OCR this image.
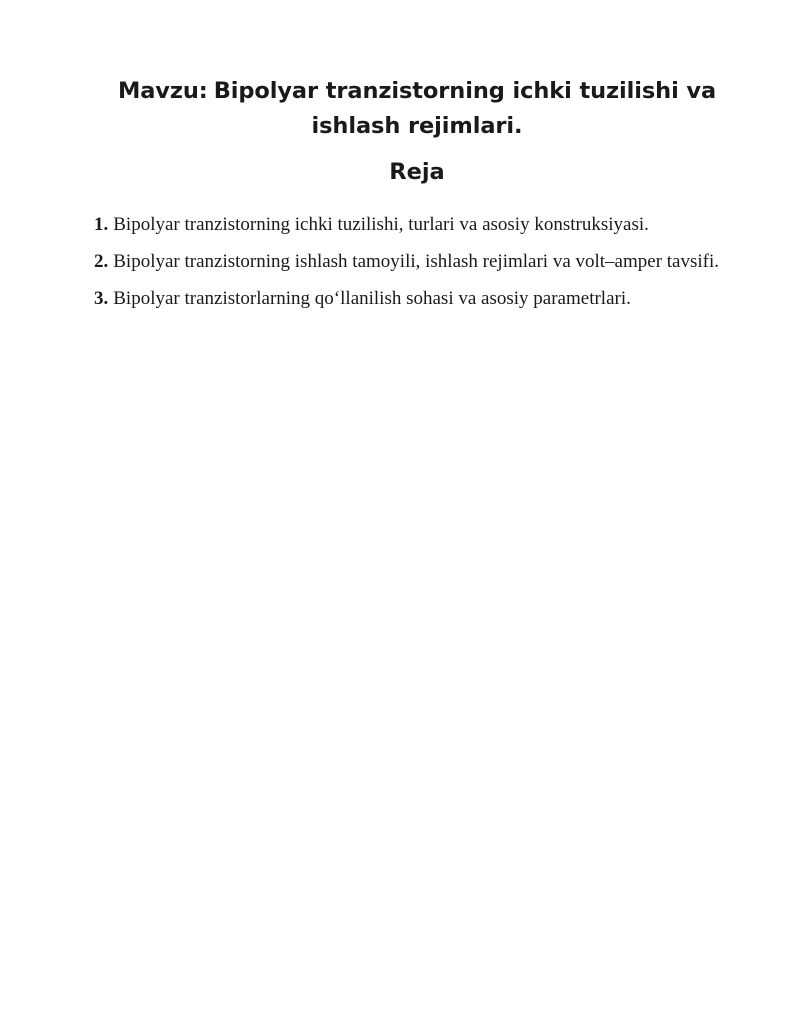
Mavzu: Bipolyar tranzistorning ichki tuzilishi va ishlash rejimlari.
Reja
1. Bipolyar tranzistorning ichki tuzilishi, turlari va asosiy konstruksiyasi.
2. Bipolyar tranzistorning ishlash tamoyili, ishlash rejimlari va volt–amper tavsifi.
3. Bipolyar tranzistorlarning qo‘llanilish sohasi va asosiy parametrlari.
